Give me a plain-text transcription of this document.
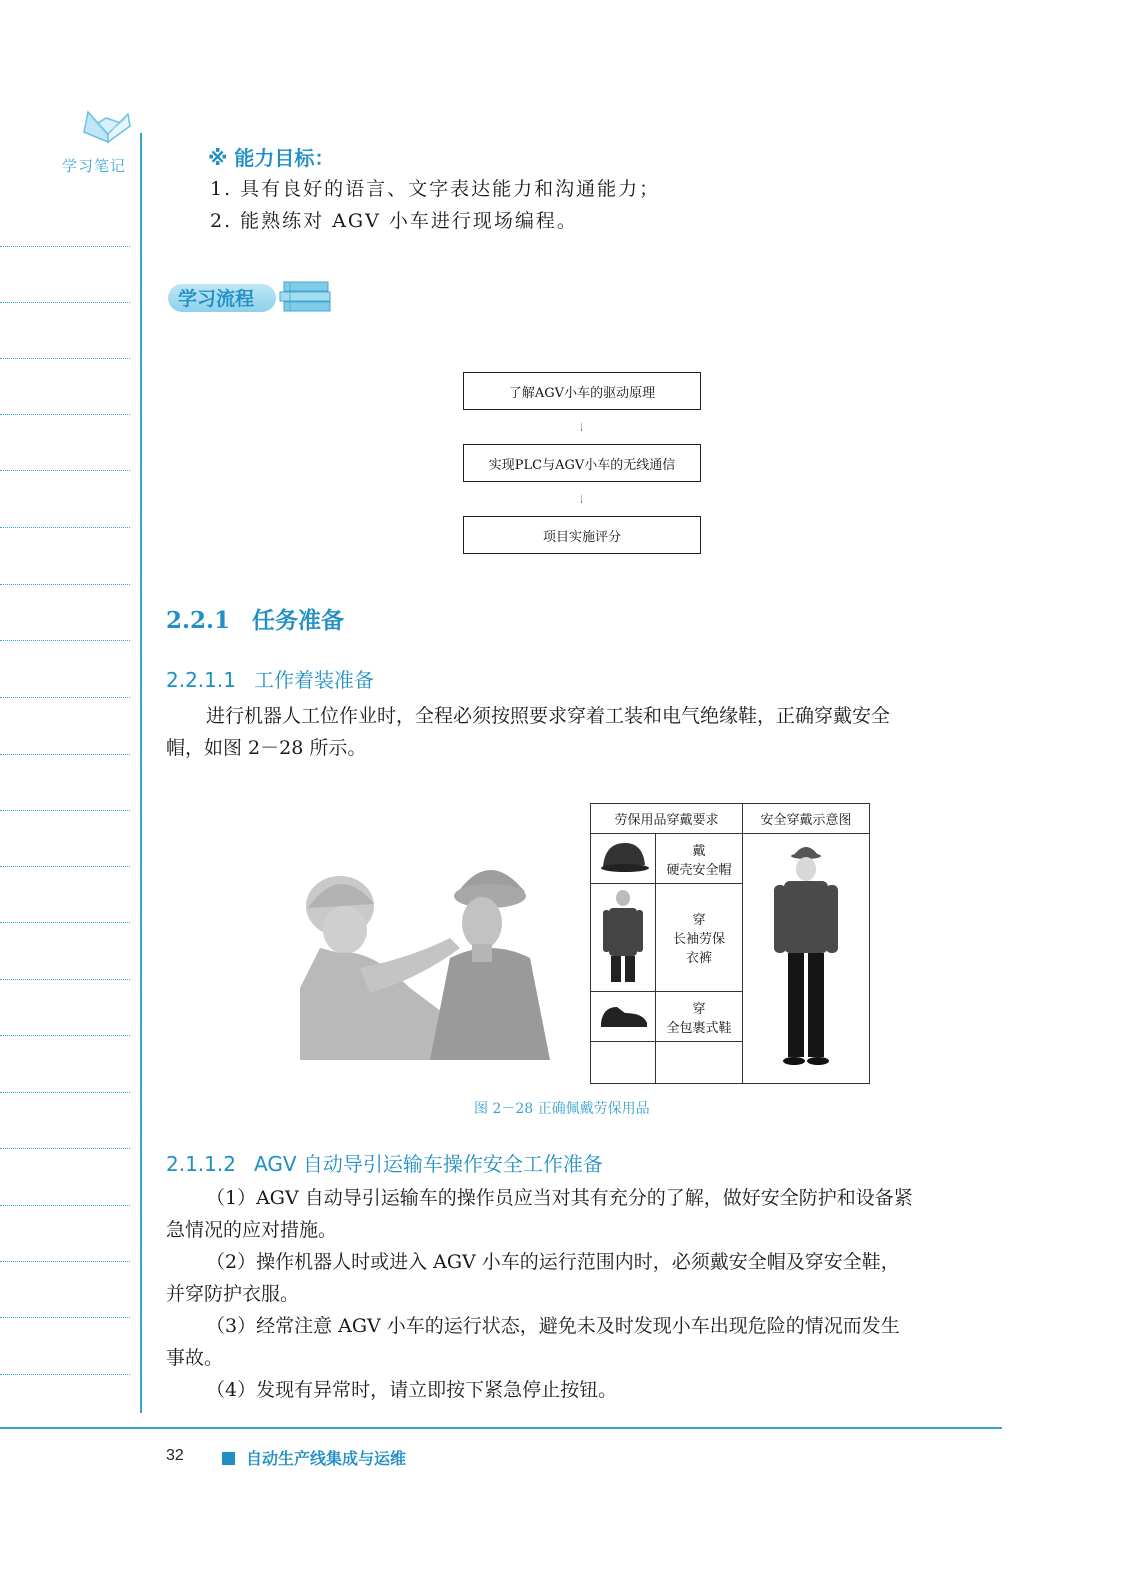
学习笔记	※ 能力目标：
1. 具有良好的语言、文字表达能力和沟通能力；
2. 能熟练对 AGV 小车进行现场编程。
学习流程
了解AGV小车的驱动原理
实现PLC与AGV小车的无线通信
项目实施评分
2.2.1 任务准备
2.2.1.1 工作着装准备
进行机器人工位作业时，全程必须按照要求穿着工装和电气绝缘鞋，正确穿戴安全
帽，如图 2－28 所示。
劳保用品穿戴要求		安全穿戴示意图

戴
硬壳安全帽

穿
长袖劳保
衣裤	

穿
全包裹式鞋	

图 2－28 正确佩戴劳保用品
2.1.1.2 AGV 自动导引运输车操作安全工作准备
（1）AGV 自动导引运输车的操作员应当对其有充分的了解，做好安全防护和设备紧
急情况的应对措施。
（2）操作机器人时或进入 AGV 小车的运行范围内时，必须戴安全帽及穿安全鞋，
并穿防护衣服。
（3）经常注意 AGV 小车的运行状态，避免未及时发现小车出现危险的情况而发生
事故。
（4）发现有异常时，请立即按下紧急停止按钮。
32	自动生产线集成与运维
